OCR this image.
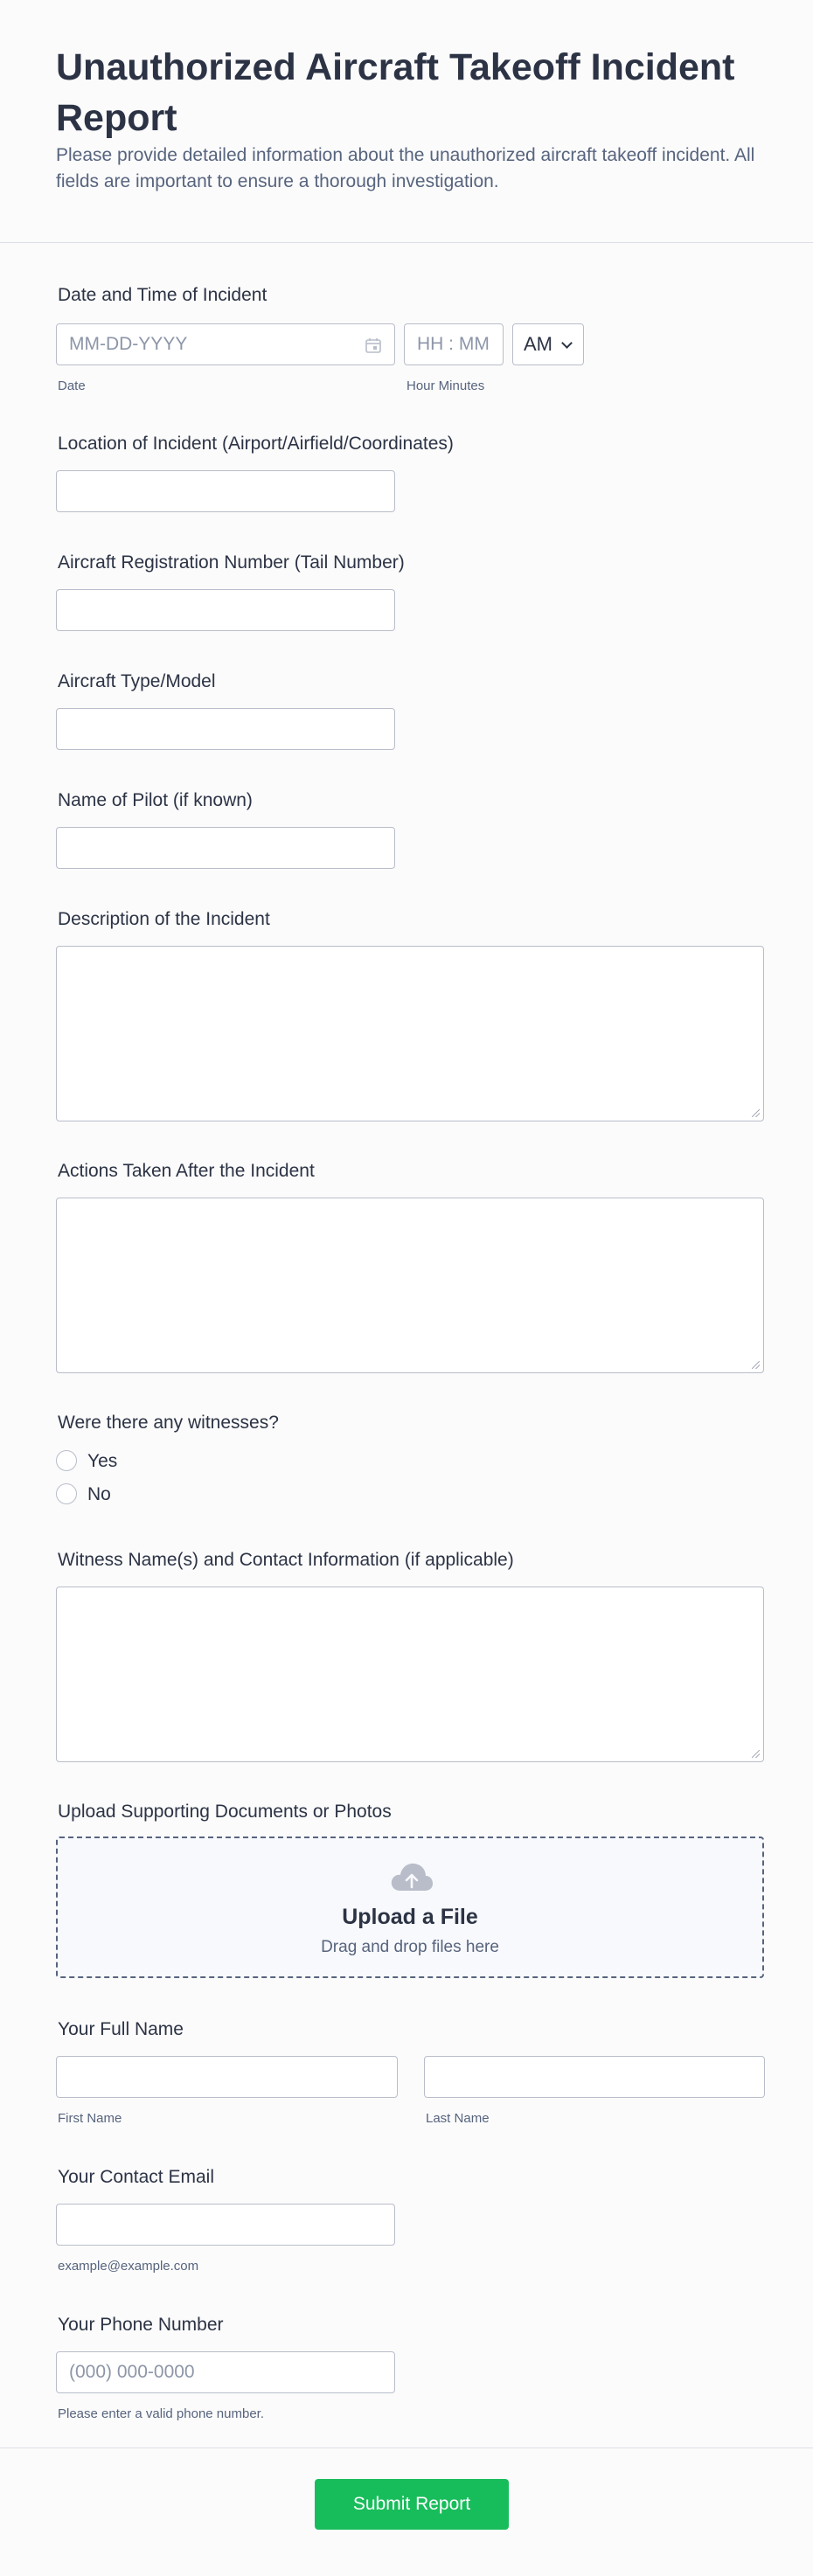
Unauthorized Aircraft Takeoff Incident Report
Please provide detailed information about the unauthorized aircraft takeoff incident. All fields are important to ensure a thorough investigation.
Date and Time of Incident
MM-DD-YYYY
Date
HH : MM
Hour Minutes
AM
Location of Incident (Airport/Airfield/Coordinates)
Aircraft Registration Number (Tail Number)
Aircraft Type/Model
Name of Pilot (if known)
Description of the Incident
Actions Taken After the Incident
Were there any witnesses?
Yes
No
Witness Name(s) and Contact Information (if applicable)
Upload Supporting Documents or Photos
Upload a File
Drag and drop files here
Your Full Name
First Name	Last Name
Your Contact Email
example@example.com
Your Phone Number
(000) 000-0000
Please enter a valid phone number.
Submit Report
